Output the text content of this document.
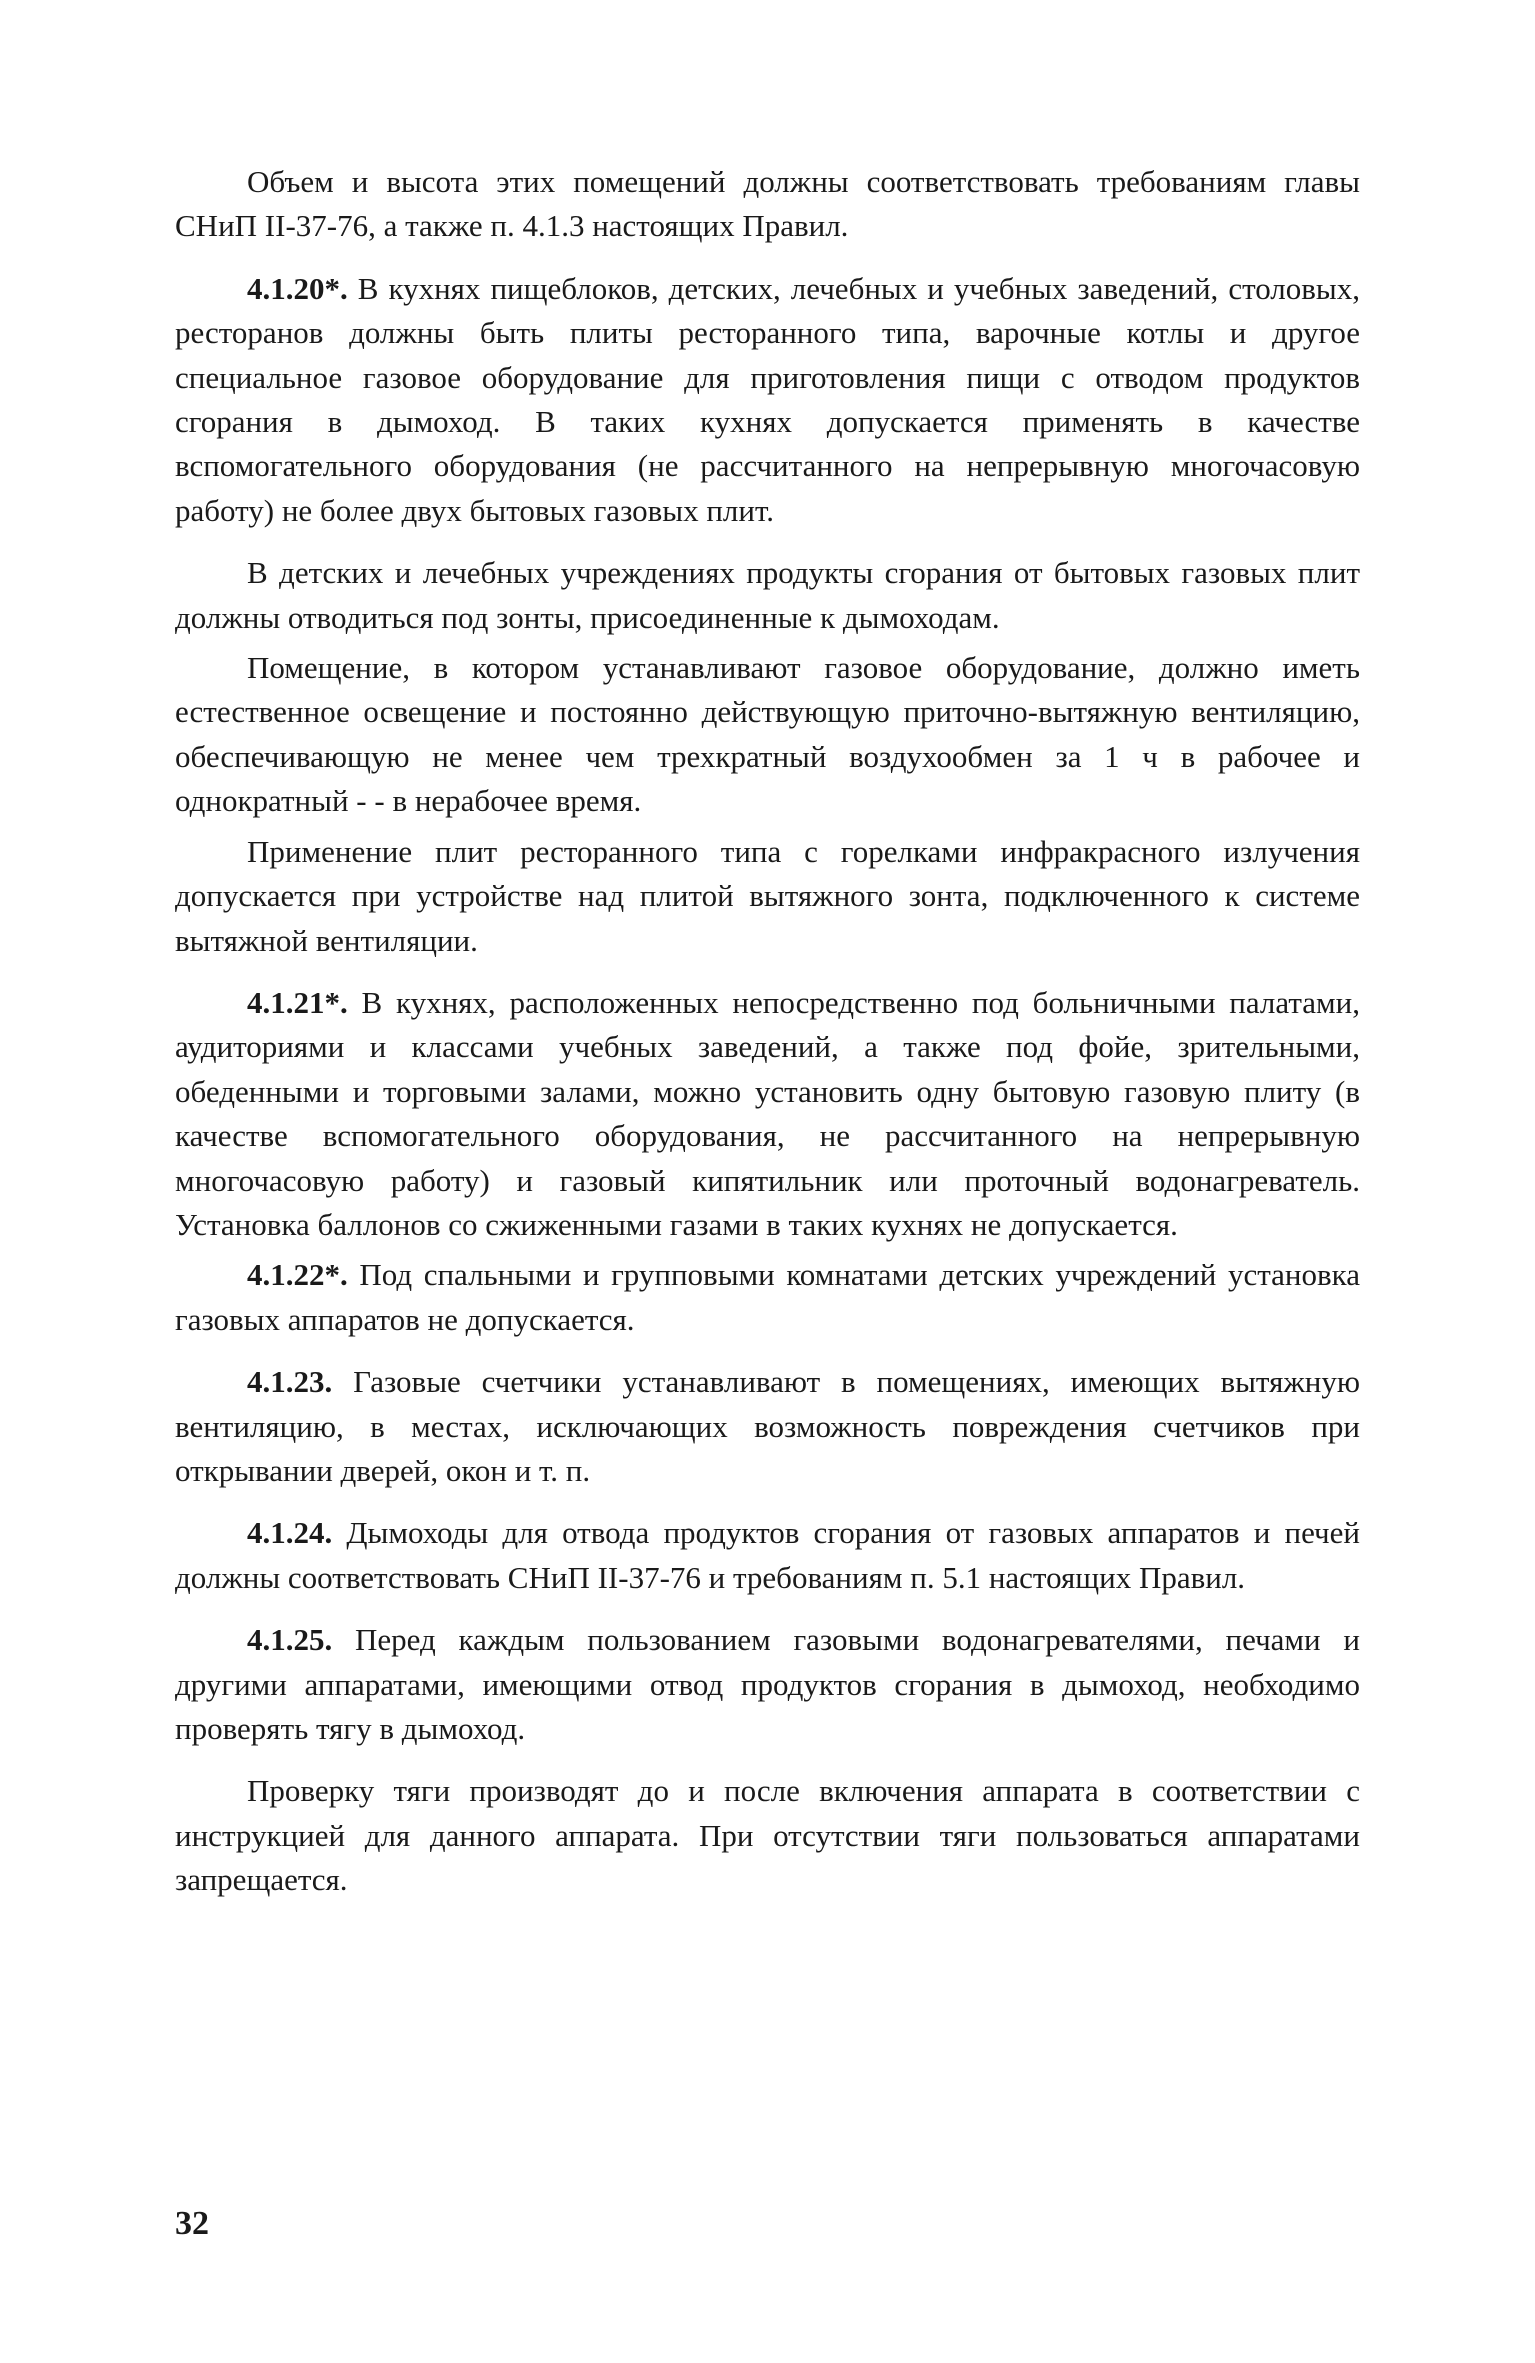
Объем и высота этих помещений должны соответствовать требованиям главы СНиП II-37-76, а также п. 4.1.3 настоящих Правил.

4.1.20*. В кухнях пищеблоков, детских, лечебных и учебных заведений, столовых, ресторанов должны быть плиты ресторанного типа, варочные котлы и другое специальное газовое оборудование для приготовления пищи с отводом продуктов сгорания в дымоход. В таких кухнях допускается применять в качестве вспомогательного оборудования (не рассчитанного на непрерывную многочасовую работу) не более двух бытовых газовых плит.

В детских и лечебных учреждениях продукты сгорания от бытовых газовых плит должны отводиться под зонты, присоединенные к дымоходам.

Помещение, в котором устанавливают газовое оборудование, должно иметь естественное освещение и постоянно действующую приточно-вытяжную вентиляцию, обеспечивающую не менее чем трехкратный воздухообмен за 1 ч в рабочее и однократный - - в нерабочее время.

Применение плит ресторанного типа с горелками инфракрасного излучения допускается при устройстве над плитой вытяжного зонта, подключенного к системе вытяжной вентиляции.

4.1.21*. В кухнях, расположенных непосредственно под больничными палатами, аудиториями и классами учебных заведений, а также под фойе, зрительными, обеденными и торговыми залами, можно установить одну бытовую газовую плиту (в качестве вспомогательного оборудования, не рассчитанного на непрерывную многочасовую работу) и газовый кипятильник или проточный водонагреватель. Установка баллонов со сжиженными газами в таких кухнях не допускается.

4.1.22*. Под спальными и групповыми комнатами детских учреждений установка газовых аппаратов не допускается.

4.1.23. Газовые счетчики устанавливают в помещениях, имеющих вытяжную вентиляцию, в местах, исключающих возможность повреждения счетчиков при открывании дверей, окон и т. п.

4.1.24. Дымоходы для отвода продуктов сгорания от газовых аппаратов и печей должны соответствовать СНиП II-37-76 и требованиям п. 5.1 настоящих Правил.

4.1.25. Перед каждым пользованием газовыми водонагревателями, печами и другими аппаратами, имеющими отвод продуктов сгорания в дымоход, необходимо проверять тягу в дымоход.

Проверку тяги производят до и после включения аппарата в соответствии с инструкцией для данного аппарата. При отсутствии тяги пользоваться аппаратами запрещается.

32
